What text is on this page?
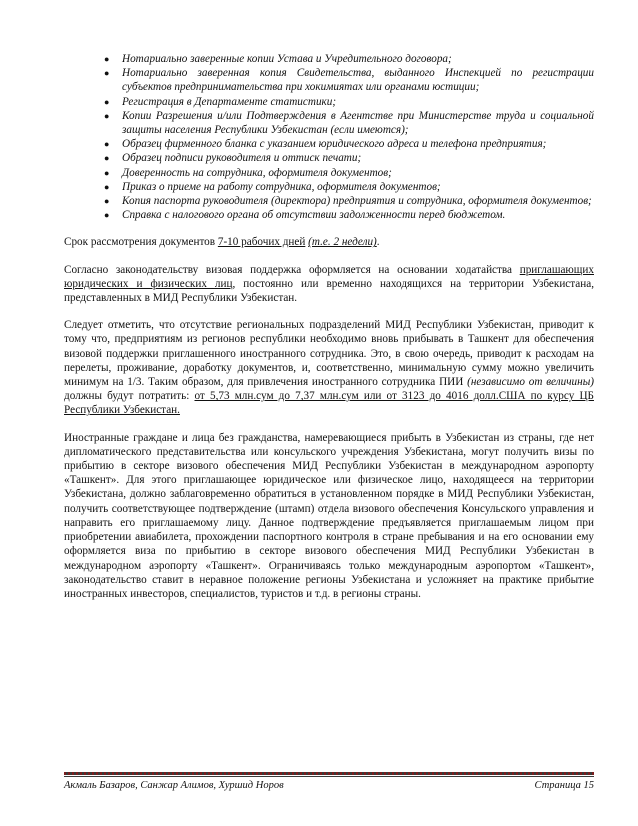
● Нотариально заверенные копии Устава и Учредительного договора;
● Нотариально заверенная копия Свидетельства, выданного Инспекцией по регистрации субъектов предпринимательства при хокимиятах или органами юстиции;
● Регистрация в Департаменте статистики;
● Копии Разрешения и/или Подтверждения в Агентстве при Министерстве труда и социальной защиты населения Республики Узбекистан (если имеются);
● Образец фирменного бланка с указанием юридического адреса и телефона предприятия;
● Образец подписи руководителя и оттиск печати;
● Доверенность на сотрудника, оформителя документов;
● Приказ о приеме на работу сотрудника, оформителя документов;
● Копия паспорта руководителя (директора) предприятия и сотрудника, оформителя документов;
● Справка с налогового органа об отсутствии задолженности перед бюджетом.

Срок рассмотрения документов 7-10 рабочих дней (т.е. 2 недели).

Согласно законодательству визовая поддержка оформляется на основании ходатайства приглашающих юридических и физических лиц, постоянно или временно находящихся на территории Узбекистана, представленных в МИД Республики Узбекистан.

Следует отметить, что отсутствие региональных подразделений МИД Республики Узбекистан, приводит к тому что, предприятиям из регионов республики необходимо вновь прибывать в Ташкент для обеспечения визовой поддержки приглашенного иностранного сотрудника. Это, в свою очередь, приводит к расходам на перелеты, проживание, доработку документов, и, соответственно, минимальную сумму можно увеличить минимум на 1/3. Таким образом, для привлечения иностранного сотрудника ПИИ (независимо от величины) должны будут потратить: от 5,73 млн.сум до 7,37 млн.сум или от 3123 до 4016 долл.США по курсу ЦБ Республики Узбекистан.

Иностранные граждане и лица без гражданства, намеревающиеся прибыть в Узбекистан из страны, где нет дипломатического представительства или консульского учреждения Узбекистана, могут получить визы по прибытию в секторе визового обеспечения МИД Республики Узбекистан в международном аэропорту «Ташкент». Для этого приглашающее юридическое или физическое лицо, находящееся на территории Узбекистана, должно заблаговременно обратиться в установленном порядке в МИД Республики Узбекистан, получить соответствующее подтверждение (штамп) отдела визового обеспечения Консульского управления и направить его приглашаемому лицу. Данное подтверждение предъявляется приглашаемым лицом при приобретении авиабилета, прохождении паспортного контроля в стране пребывания и на его основании ему оформляется виза по прибытию в секторе визового обеспечения МИД Республики Узбекистан в международном аэропорту «Ташкент». Ограничиваясь только международным аэропортом «Ташкент», законодательство ставит в неравное положение регионы Узбекистана и усложняет на практике прибытие иностранных инвесторов, специалистов, туристов и т.д. в регионы страны.

Акмаль Базаров, Санжар Алимов, Хуршид Норов	Страница 15
